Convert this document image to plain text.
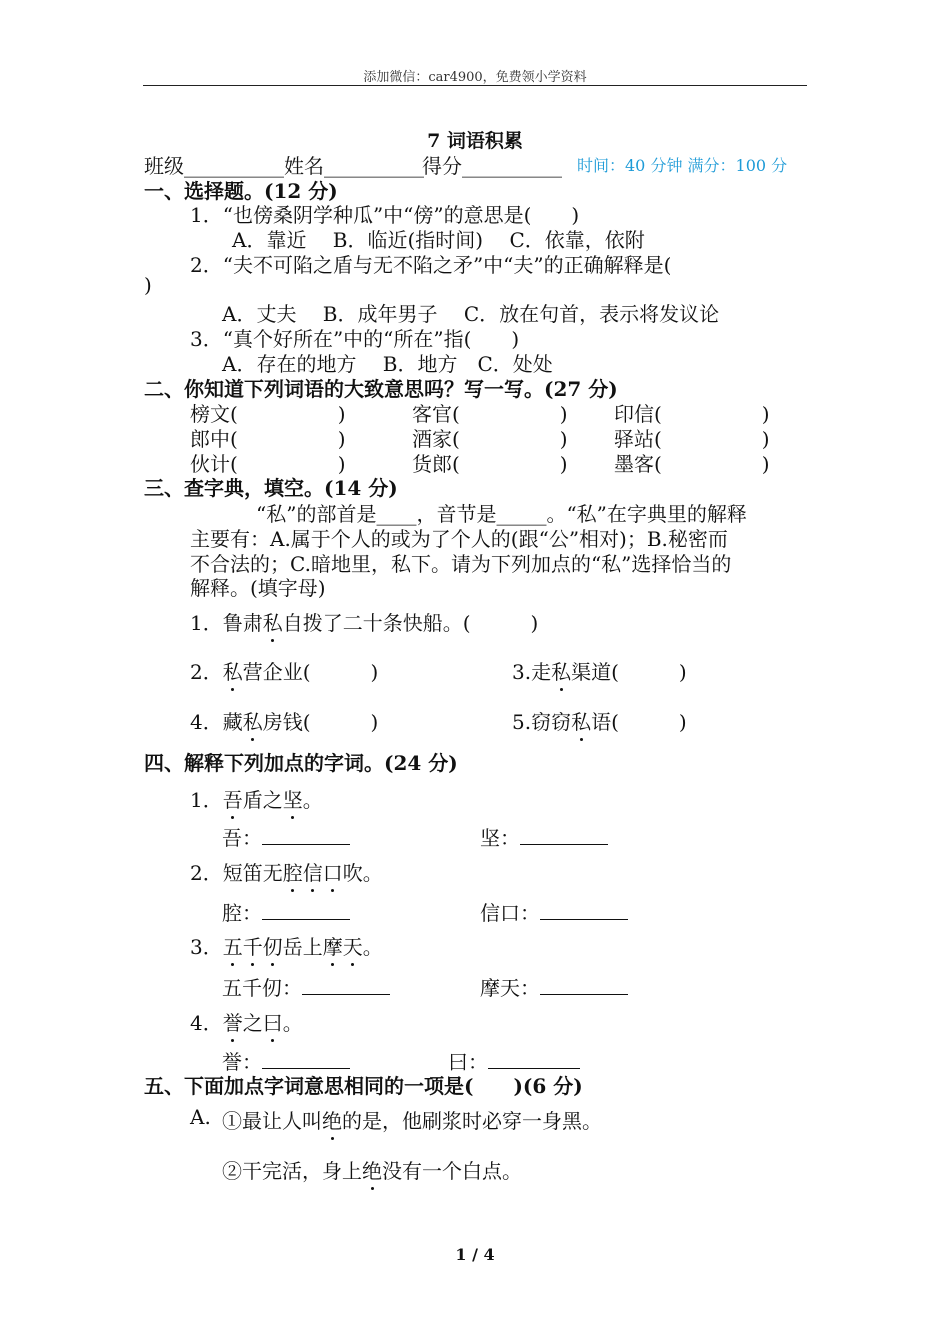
添加微信：car4900，免费领小学资料
7 词语积累
班级__________ 姓名__________
得分__________ 时间：40 分钟 满分：100 分
一、选择题。(12 分)
1．“也傍桑阴学种瓜”中“傍”的意思是(　　)
A．靠近　 B．临近(指时间)　 C．依靠，依附
2．“夫不可陷之盾与无不陷之矛”中“夫”的正确解释是(
)
A．丈夫　 B．成年男子　 C．放在句首，表示将发议论
3．“真个好所在”中的“所在”指(　　)
A．存在的地方　 B．地方　C．处处
二、你知道下列词语的大致意思吗？写一写。(27 分)
榜文(　　　　　)	客官(　　　　　) 印信(　　　　　)
郎中(　　　　　)	酒家(　　　　　) 驿站(　　　　　)
伙计(　　　　　)	货郎(　　　　　) 墨客(　　　　　)
三、查字典，填空。(14 分)
“私”的部首是____，音节是_____。“私”在字典里的解释
主要有：A.属于个人的或为了个人的(跟“公”相对)；B.秘密而
不合法的；C.暗地里，私下。请为下列加点的“私”选择恰当的
解释。(填字母)
1．鲁肃私自拨了二十条快船。(　　　)
2．私营企业(　　　)	3.走私渠道(　　　)
4．藏私房钱(　　　)	5.窃窃私语(　　　)
四、解释下列加点的字词。(24 分)
1．吾盾之坚。
吾：	坚：
2．短笛无腔信口吹。
腔：	信口：
3．五千仞岳上摩天。
五千仞：	摩天：
4．誉之曰。
誉：	曰：
五、下面加点字词意思相同的一项是(　　)(6 分)
A. ①最让人叫绝的是，他刷浆时必穿一身黑。
②干完活，身上绝没有一个白点。
1 / 4
